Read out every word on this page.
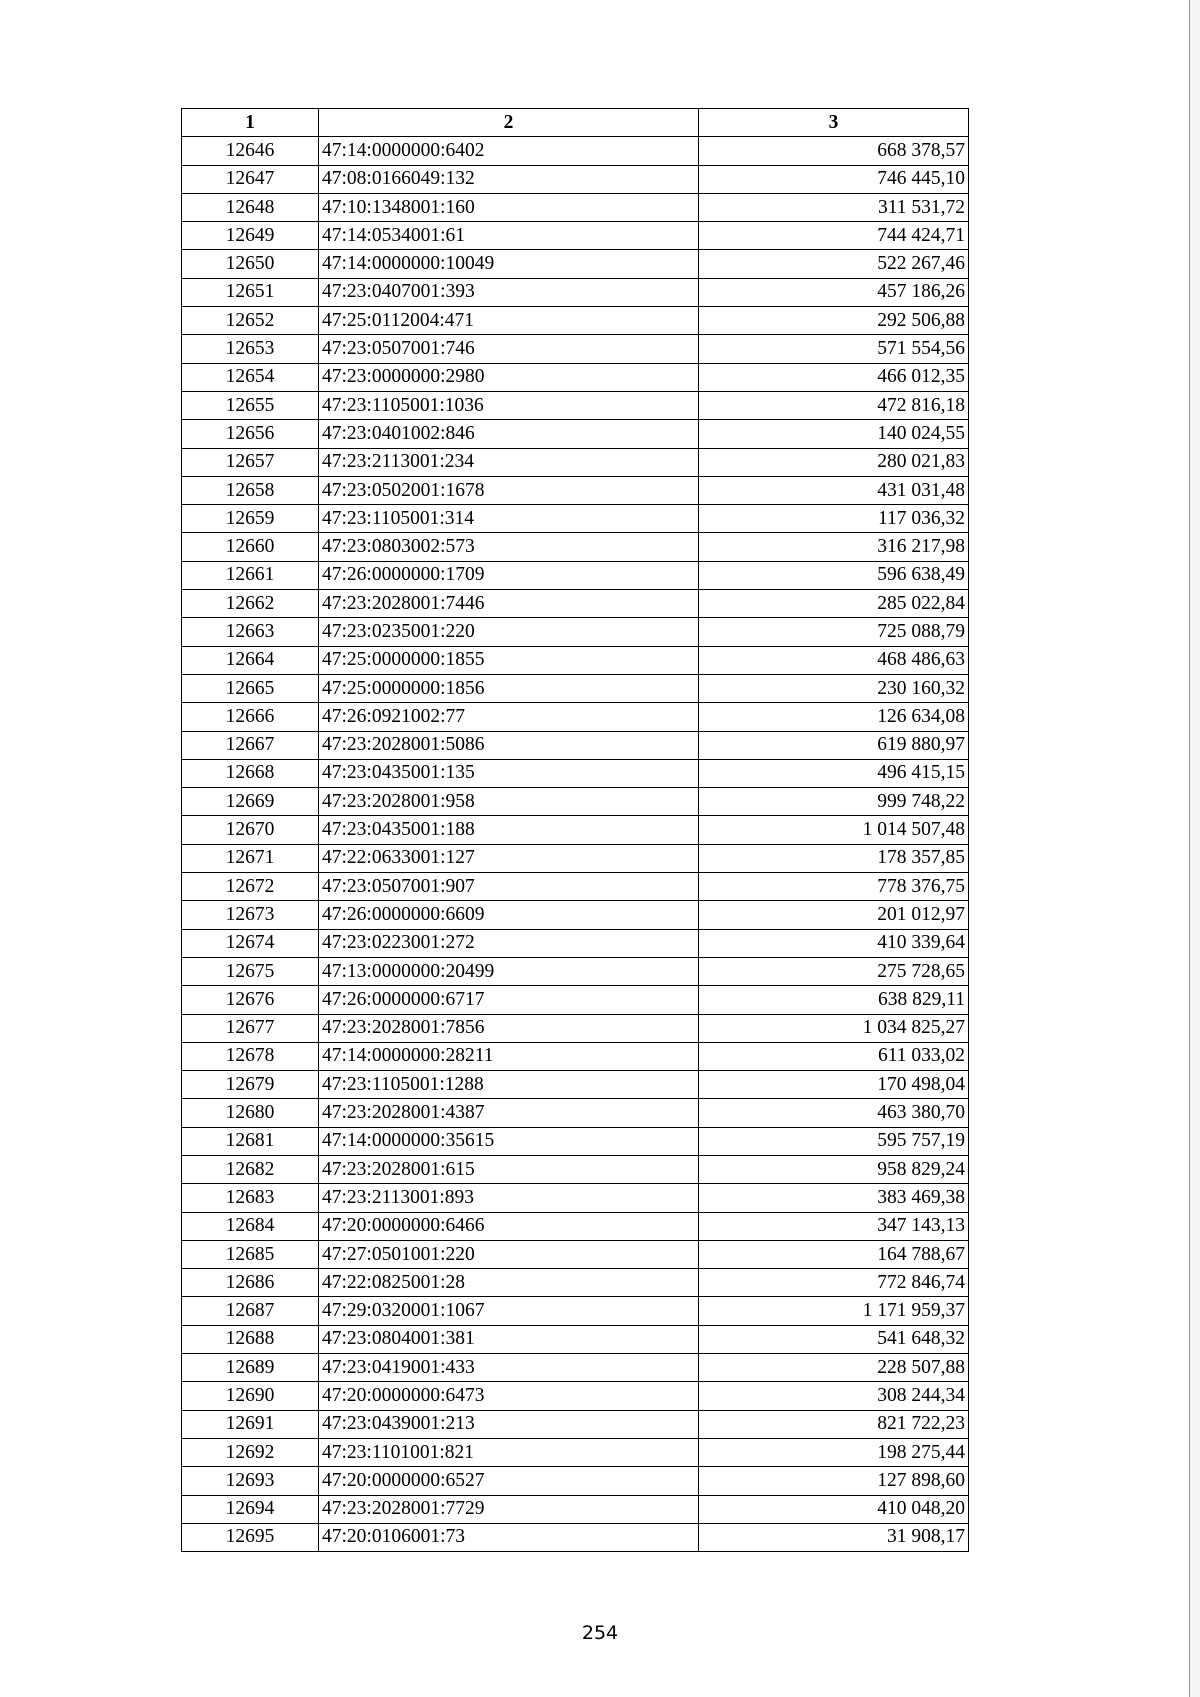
1	2	3
12646	47:14:0000000:6402	668 378,57
12647	47:08:0166049:132	746 445,10
12648	47:10:1348001:160	311 531,72
12649	47:14:0534001:61	744 424,71
12650	47:14:0000000:10049	522 267,46
12651	47:23:0407001:393	457 186,26
12652	47:25:0112004:471	292 506,88
12653	47:23:0507001:746	571 554,56
12654	47:23:0000000:2980	466 012,35
12655	47:23:1105001:1036	472 816,18
12656	47:23:0401002:846	140 024,55
12657	47:23:2113001:234	280 021,83
12658	47:23:0502001:1678	431 031,48
12659	47:23:1105001:314	117 036,32
12660	47:23:0803002:573	316 217,98
12661	47:26:0000000:1709	596 638,49
12662	47:23:2028001:7446	285 022,84
12663	47:23:0235001:220	725 088,79
12664	47:25:0000000:1855	468 486,63
12665	47:25:0000000:1856	230 160,32
12666	47:26:0921002:77	126 634,08
12667	47:23:2028001:5086	619 880,97
12668	47:23:0435001:135	496 415,15
12669	47:23:2028001:958	999 748,22
12670	47:23:0435001:188	1 014 507,48
12671	47:22:0633001:127	178 357,85
12672	47:23:0507001:907	778 376,75
12673	47:26:0000000:6609	201 012,97
12674	47:23:0223001:272	410 339,64
12675	47:13:0000000:20499	275 728,65
12676	47:26:0000000:6717	638 829,11
12677	47:23:2028001:7856	1 034 825,27
12678	47:14:0000000:28211	611 033,02
12679	47:23:1105001:1288	170 498,04
12680	47:23:2028001:4387	463 380,70
12681	47:14:0000000:35615	595 757,19
12682	47:23:2028001:615	958 829,24
12683	47:23:2113001:893	383 469,38
12684	47:20:0000000:6466	347 143,13
12685	47:27:0501001:220	164 788,67
12686	47:22:0825001:28	772 846,74
12687	47:29:0320001:1067	1 171 959,37
12688	47:23:0804001:381	541 648,32
12689	47:23:0419001:433	228 507,88
12690	47:20:0000000:6473	308 244,34
12691	47:23:0439001:213	821 722,23
12692	47:23:1101001:821	198 275,44
12693	47:20:0000000:6527	127 898,60
12694	47:23:2028001:7729	410 048,20
12695	47:20:0106001:73	31 908,17
254
